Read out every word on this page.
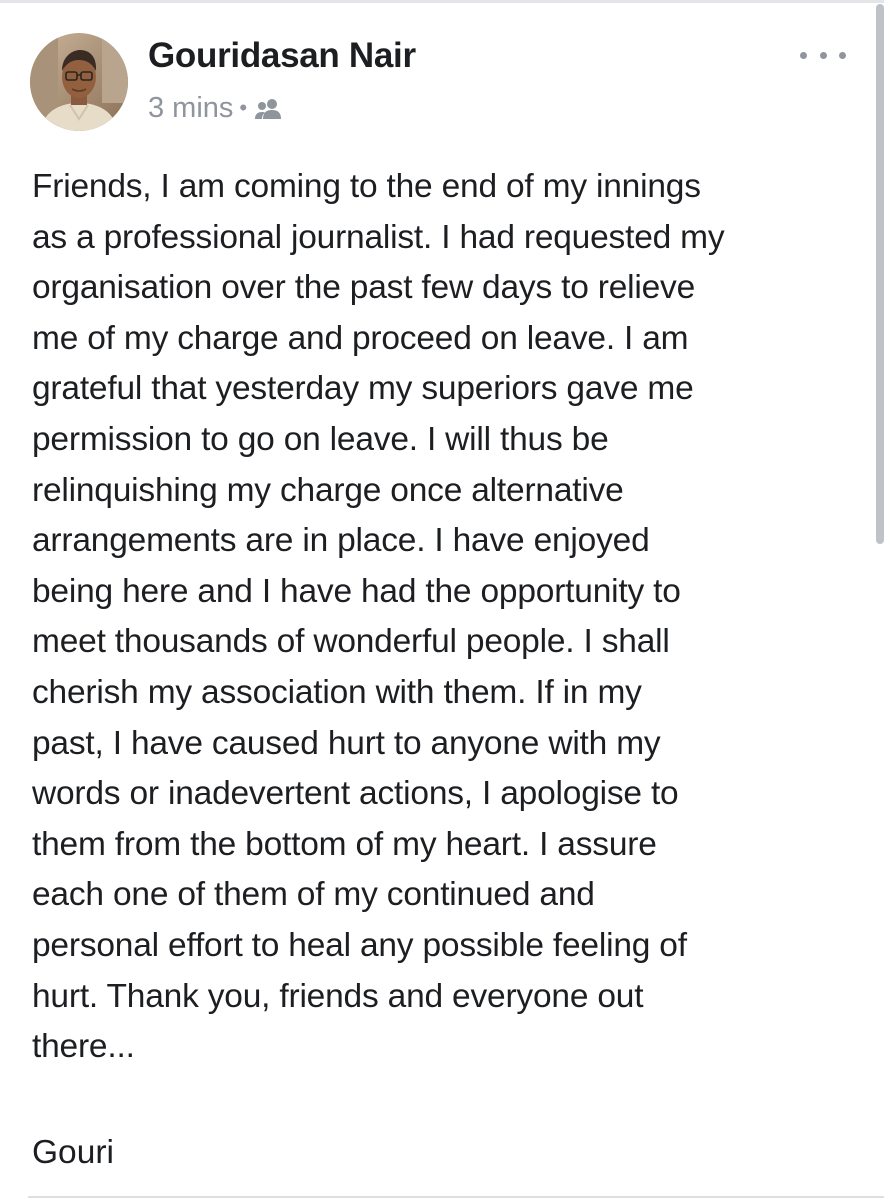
Gouridasan Nair
3 mins •
Friends, I am coming to the end of my innings
as a professional journalist. I had requested my
organisation over the past few days to relieve
me of my charge and proceed on leave. I am
grateful that yesterday my superiors gave me
permission to go on leave. I will thus be
relinquishing my charge once alternative
arrangements are in place. I have enjoyed
being here and I have had the opportunity to
meet thousands of wonderful people. I shall
cherish my association with them. If in my
past, I have caused hurt to anyone with my
words or inadevertent actions, I apologise to
them from the bottom of my heart. I assure
each one of them of my continued and
personal effort to heal any possible feeling of
hurt. Thank you, friends and everyone out
there...
Gouri
